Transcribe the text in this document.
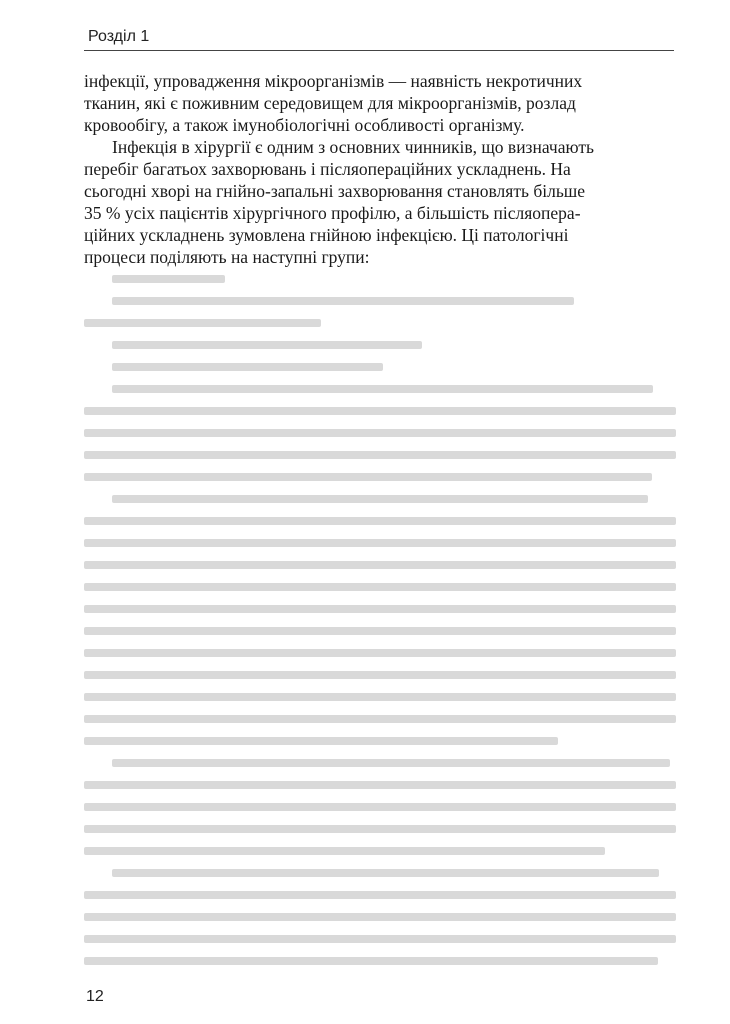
Розділ 1
інфекції, упровадження мікроорганізмів — наявність некротичних
тканин, які є поживним середовищем для мікроорганізмів, розлад
кровообігу, а також імунобіологічні особливості організму.
Інфекція в хірургії є одним з основних чинників, що визначають
перебіг багатьох захворювань і післяопераційних ускладнень. На
сьогодні хворі на гнійно-запальні захворювання становлять більше
35 % усіх пацієнтів хірургічного профілю, а більшість післяопера-
ційних ускладнень зумовлена гнійною інфекцією. Ці патологічні
процеси поділяють на наступні групи:
12
